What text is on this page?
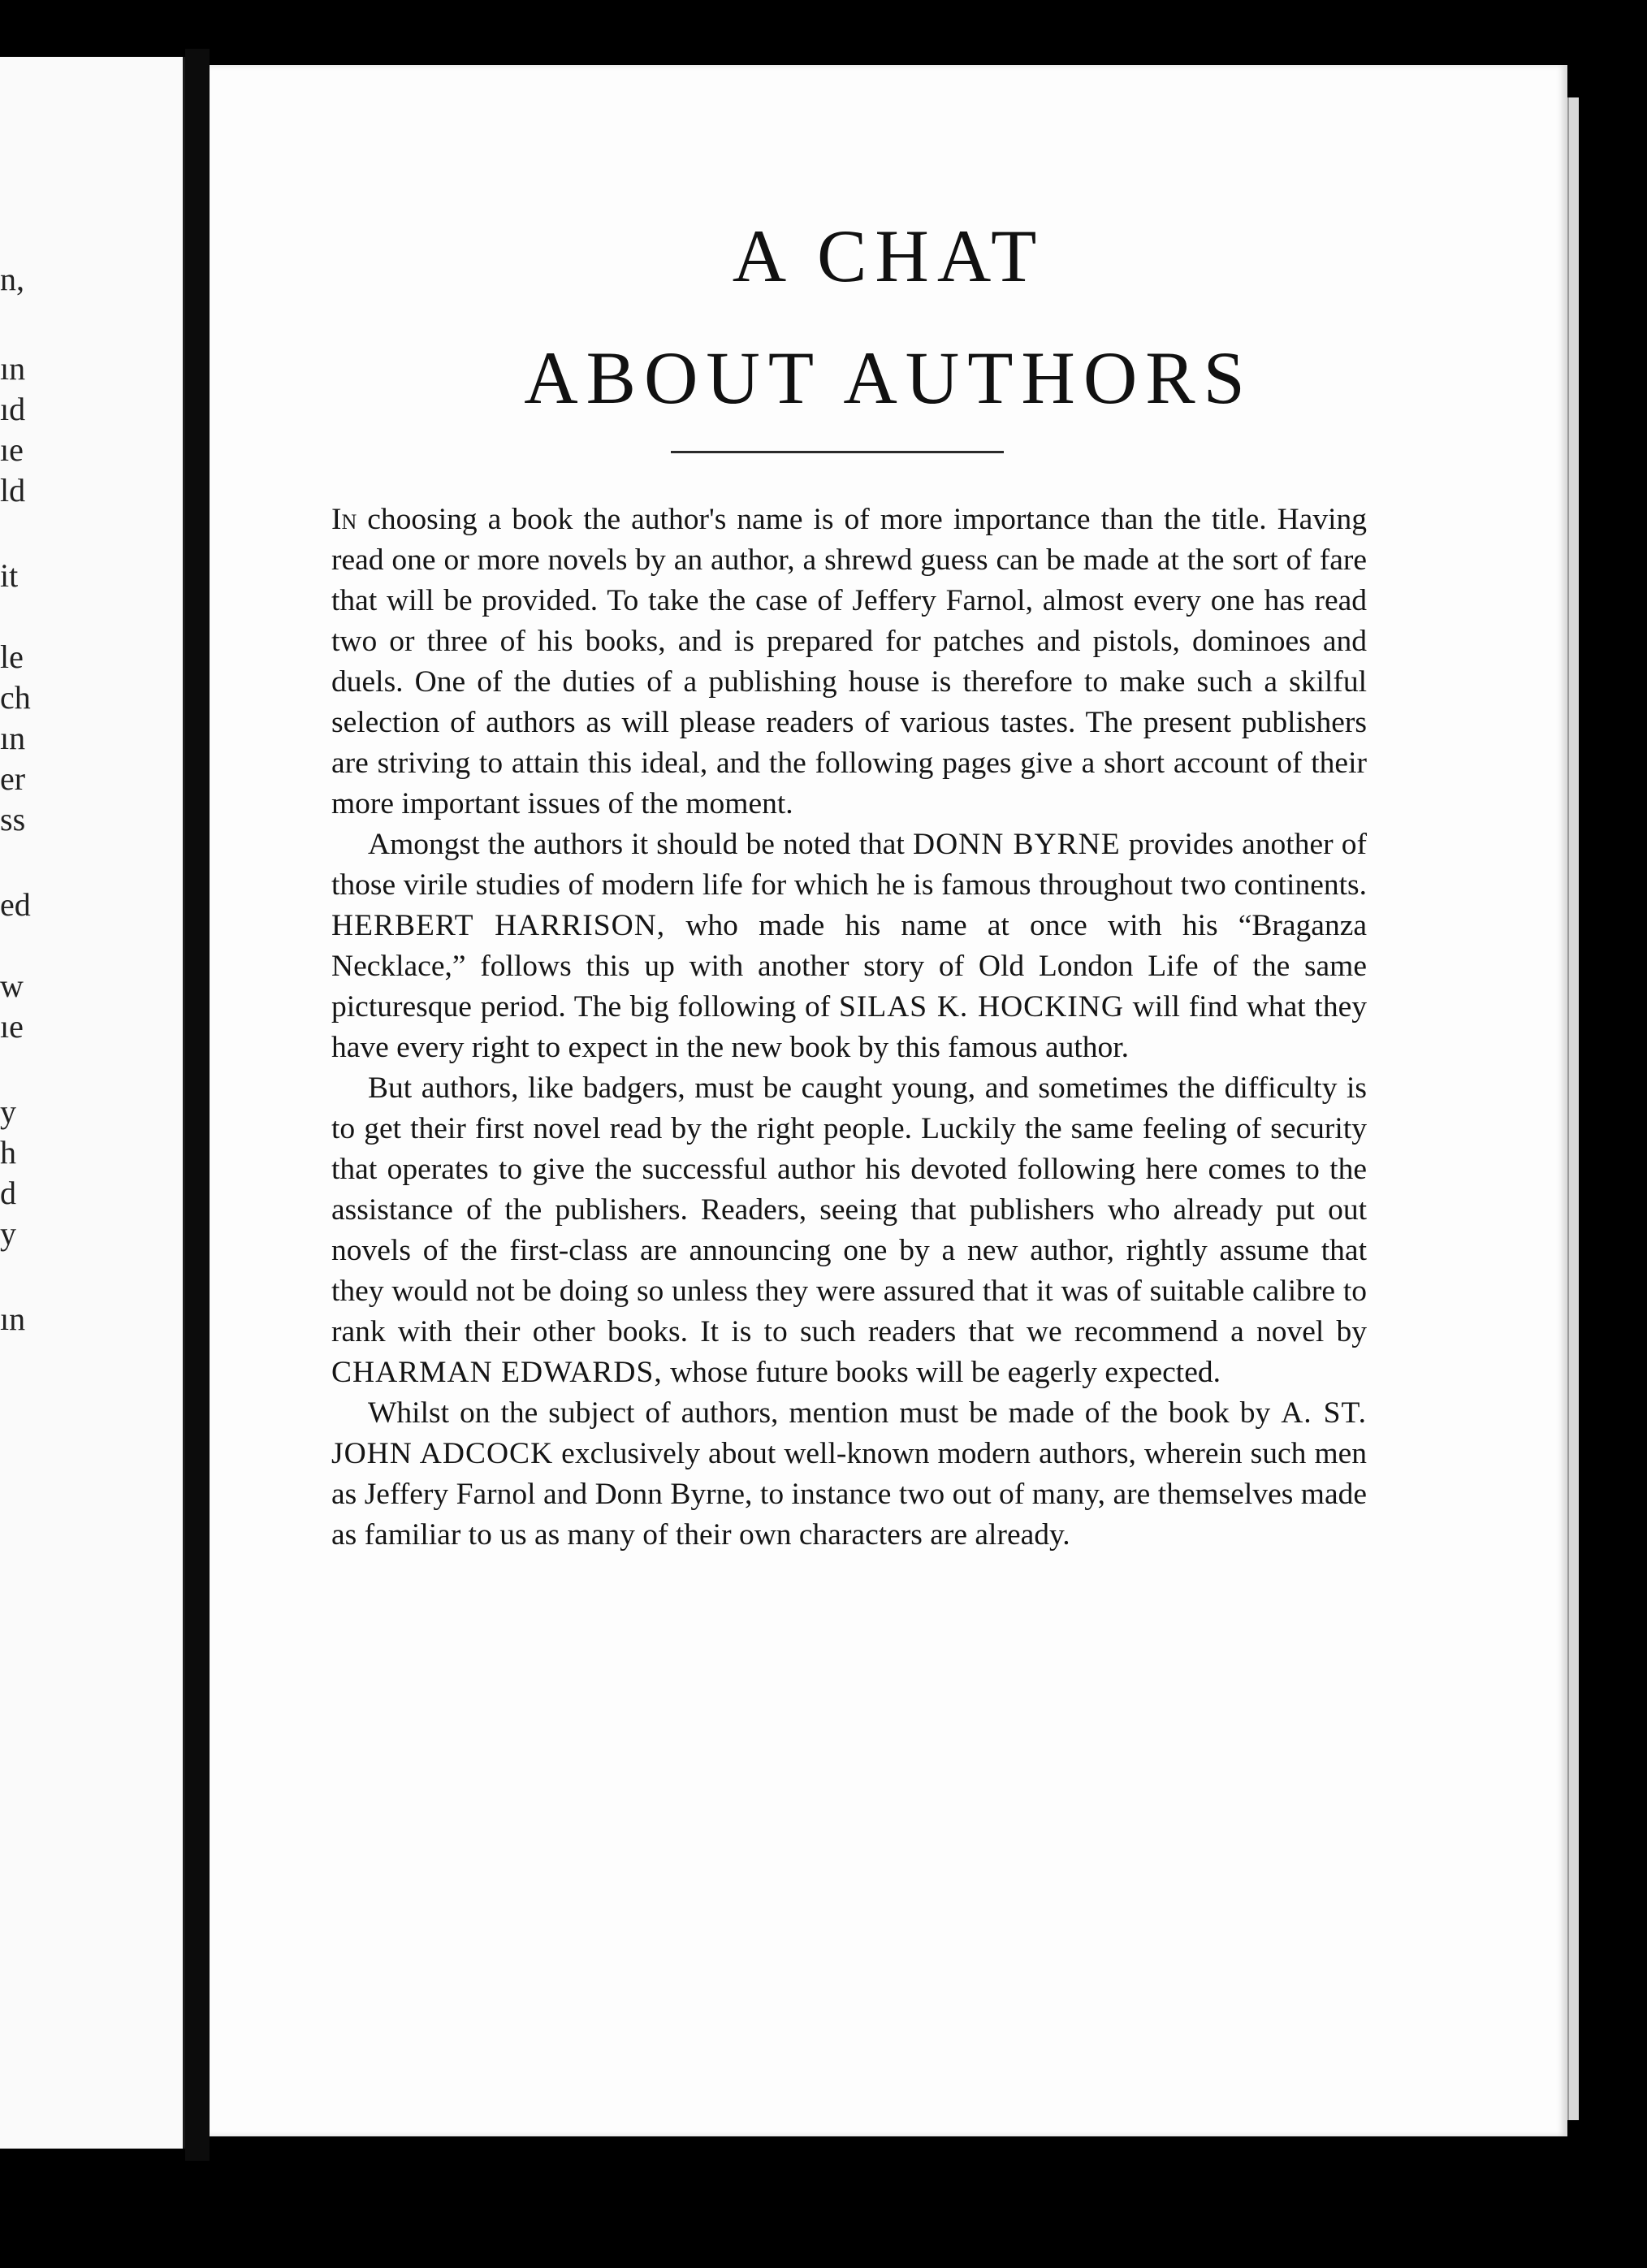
n,
ın
ıd
ıe
ld
it
le
ch
ın
er
ss
ed
w
ıe
y
h
d
y
ın
A CHAT
ABOUT AUTHORS

In choosing a book the author's name is of more importance than the title. Having read one or more novels by an author, a shrewd guess can be made at the sort of fare that will be provided. To take the case of Jeffery Farnol, almost every one has read two or three of his books, and is prepared for patches and pistols, dominoes and duels. One of the duties of a publishing house is therefore to make such a skilful selection of authors as will please readers of various tastes. The present publishers are striving to attain this ideal, and the following pages give a short account of their more important issues of the moment.

Amongst the authors it should be noted that DONN BYRNE provides another of those virile studies of modern life for which he is famous throughout two continents. HERBERT HARRISON, who made his name at once with his “Braganza Necklace,” follows this up with another story of Old London Life of the same picturesque period. The big following of SILAS K. HOCKING will find what they have every right to expect in the new book by this famous author.

But authors, like badgers, must be caught young, and sometimes the difficulty is to get their first novel read by the right people. Luckily the same feeling of security that operates to give the successful author his devoted following here comes to the assistance of the publishers. Readers, seeing that publishers who already put out novels of the first-class are announcing one by a new author, rightly assume that they would not be doing so unless they were assured that it was of suitable calibre to rank with their other books. It is to such readers that we recommend a novel by CHARMAN EDWARDS, whose future books will be eagerly expected.

Whilst on the subject of authors, mention must be made of the book by A. ST. JOHN ADCOCK exclusively about well-known modern authors, wherein such men as Jeffery Farnol and Donn Byrne, to instance two out of many, are themselves made as familiar to us as many of their own characters are already.
